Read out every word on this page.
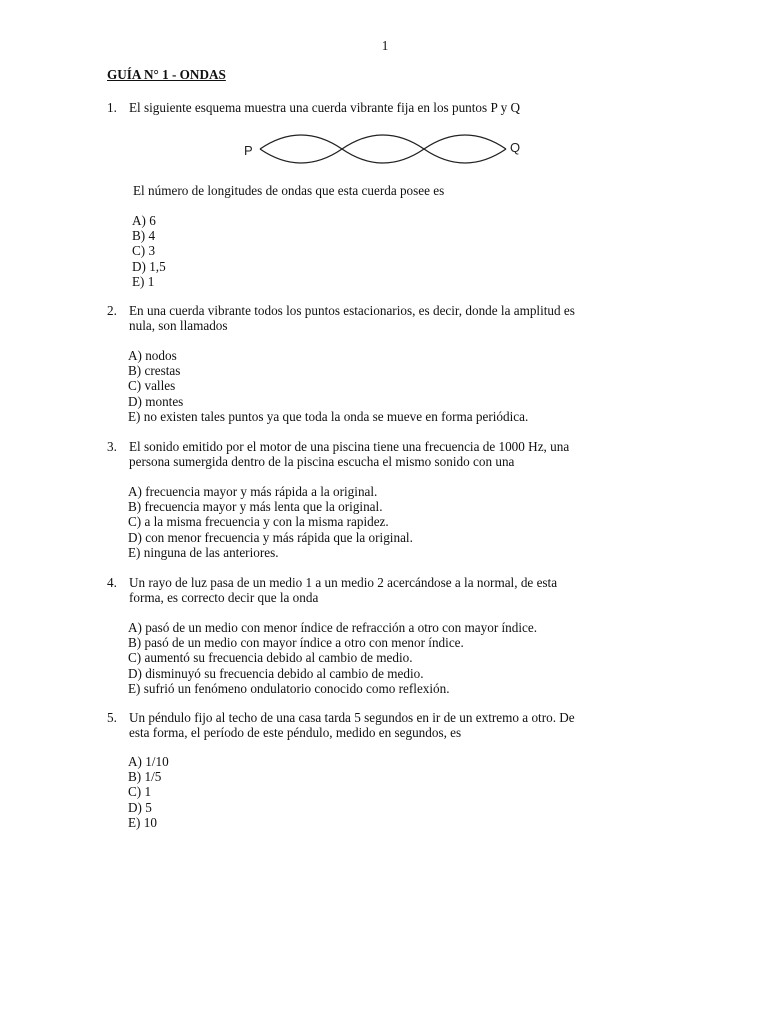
1
GUÍA N° 1 - ONDAS
1. El siguiente esquema muestra una cuerda vibrante fija en los puntos P y Q
P	Q
El número de longitudes de ondas que esta cuerda posee es
A) 6
B) 4
C) 3
D) 1,5
E) 1
2. En una cuerda vibrante todos los puntos estacionarios, es decir, donde la amplitud es
nula, son llamados
A) nodos
B) crestas
C) valles
D) montes
E) no existen tales puntos ya que toda la onda se mueve en forma periódica.
3. El sonido emitido por el motor de una piscina tiene una frecuencia de 1000 Hz, una
persona sumergida dentro de la piscina escucha el mismo sonido con una
A) frecuencia mayor y más rápida a la original.
B) frecuencia mayor y más lenta que la original.
C) a la misma frecuencia y con la misma rapidez.
D) con menor frecuencia y más rápida que la original.
E) ninguna de las anteriores.
4. Un rayo de luz pasa de un medio 1 a un medio 2 acercándose a la normal, de esta
forma, es correcto decir que la onda
A) pasó de un medio con menor índice de refracción a otro con mayor índice.
B) pasó de un medio con mayor índice a otro con menor índice.
C) aumentó su frecuencia debido al cambio de medio.
D) disminuyó su frecuencia debido al cambio de medio.
E) sufrió un fenómeno ondulatorio conocido como reflexión.
5. Un péndulo fijo al techo de una casa tarda 5 segundos en ir de un extremo a otro. De
esta forma, el período de este péndulo, medido en segundos, es
A) 1/10
B) 1/5
C) 1
D) 5
E) 10
